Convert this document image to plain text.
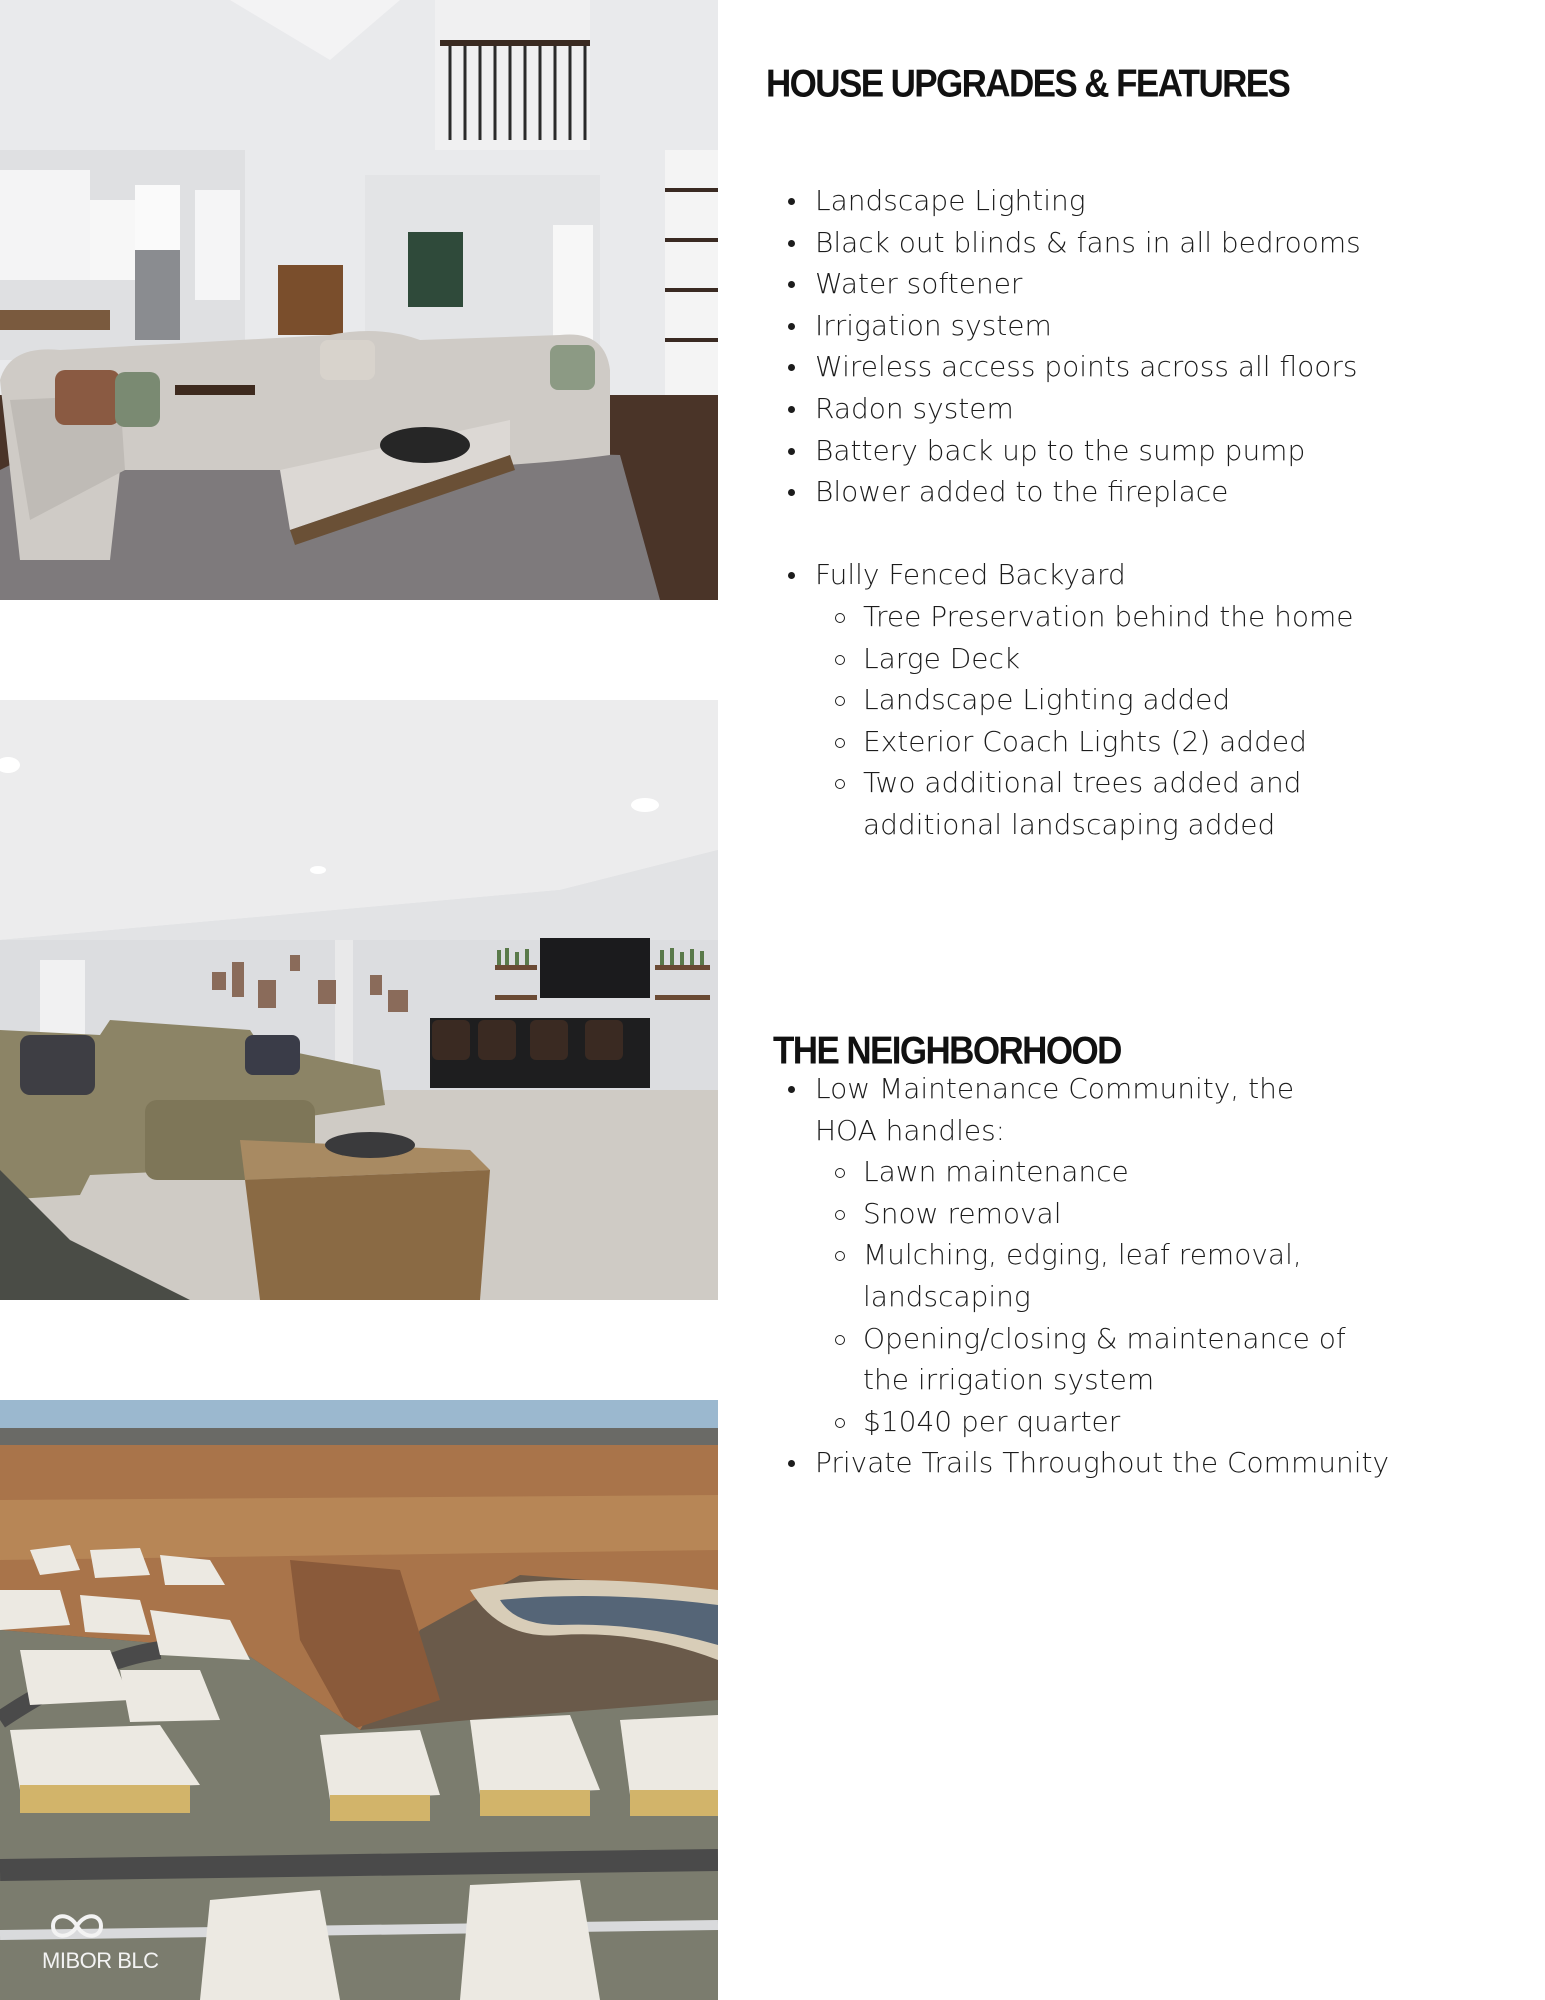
MIBOR BLC
HOUSE UPGRADES & FEATURES
Landscape Lighting
Black out blinds & fans in all bedrooms
Water softener
Irrigation system
Wireless access points across all floors
Radon system
Battery back up to the sump pump
Blower added to the fireplace
Fully Fenced Backyard
Tree Preservation behind the home
Large Deck
Landscape Lighting added
Exterior Coach Lights (2) added
Two additional trees added and additional landscaping added
THE NEIGHBORHOOD
Low Maintenance Community, the HOA handles:
Lawn maintenance
Snow removal
Mulching, edging, leaf removal, landscaping
Opening/closing & maintenance of the irrigation system
$1040 per quarter
Private Trails Throughout the Community
